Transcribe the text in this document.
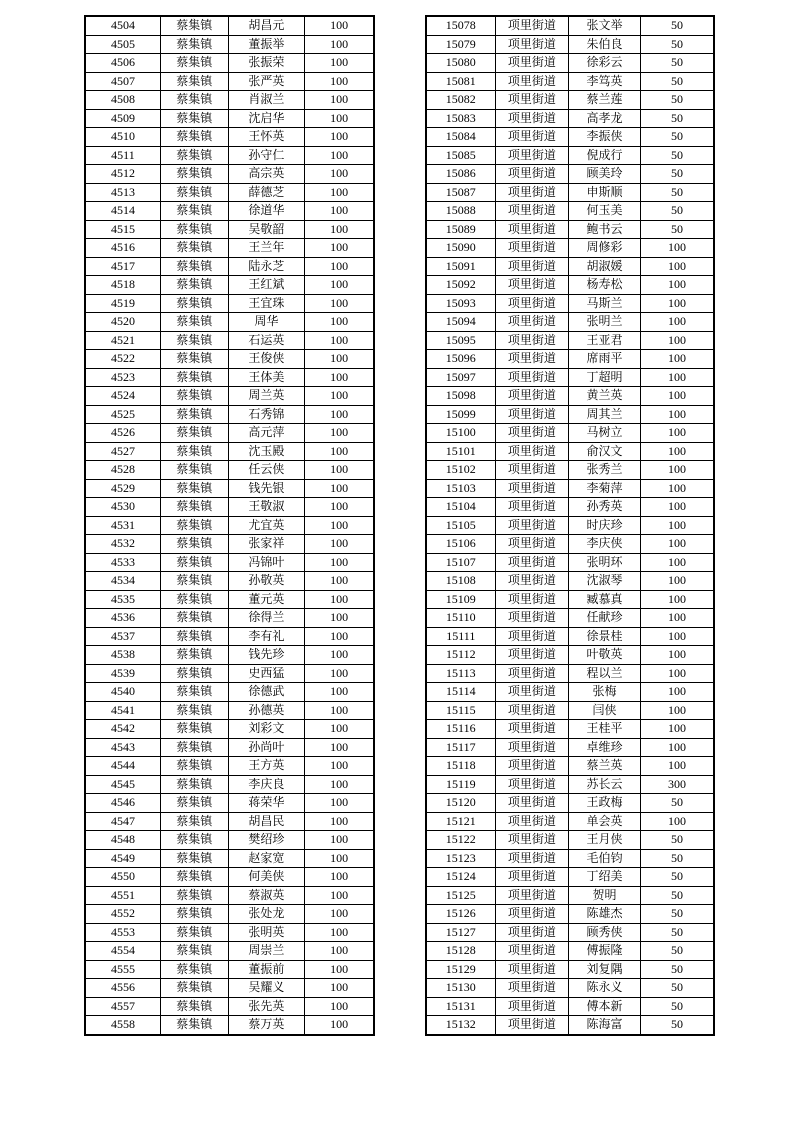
4504	蔡集镇	胡昌元	100
4505	蔡集镇	董振举	100
4506	蔡集镇	张振荣	100
4507	蔡集镇	张严英	100
4508	蔡集镇	肖淑兰	100
4509	蔡集镇	沈启华	100
4510	蔡集镇	王怀英	100
4511	蔡集镇	孙守仁	100
4512	蔡集镇	高宗英	100
4513	蔡集镇	薛德芝	100
4514	蔡集镇	徐道华	100
4515	蔡集镇	吴敬韶	100
4516	蔡集镇	王兰年	100
4517	蔡集镇	陆永芝	100
4518	蔡集镇	王红斌	100
4519	蔡集镇	王宜珠	100
4520	蔡集镇	周华	100
4521	蔡集镇	石运英	100
4522	蔡集镇	王俊侠	100
4523	蔡集镇	王体美	100
4524	蔡集镇	周兰英	100
4525	蔡集镇	石秀锦	100
4526	蔡集镇	高元萍	100
4527	蔡集镇	沈玉殿	100
4528	蔡集镇	任云侠	100
4529	蔡集镇	钱先银	100
4530	蔡集镇	王敬淑	100
4531	蔡集镇	尤宜英	100
4532	蔡集镇	张家祥	100
4533	蔡集镇	冯锦叶	100
4534	蔡集镇	孙敬英	100
4535	蔡集镇	董元英	100
4536	蔡集镇	徐得兰	100
4537	蔡集镇	李有礼	100
4538	蔡集镇	钱先珍	100
4539	蔡集镇	史西猛	100
4540	蔡集镇	徐德武	100
4541	蔡集镇	孙德英	100
4542	蔡集镇	刘彩文	100
4543	蔡集镇	孙尚叶	100
4544	蔡集镇	王方英	100
4545	蔡集镇	李庆良	100
4546	蔡集镇	蒋荣华	100
4547	蔡集镇	胡昌民	100
4548	蔡集镇	樊绍珍	100
4549	蔡集镇	赵家宽	100
4550	蔡集镇	何美侠	100
4551	蔡集镇	蔡淑英	100
4552	蔡集镇	张处龙	100
4553	蔡集镇	张明英	100
4554	蔡集镇	周崇兰	100
4555	蔡集镇	董振前	100
4556	蔡集镇	吴耀义	100
4557	蔡集镇	张先英	100
4558	蔡集镇	蔡万英	100
15078	项里街道	张文举	50
15079	项里街道	朱伯良	50
15080	项里街道	徐彩云	50
15081	项里街道	李笃英	50
15082	项里街道	蔡兰莲	50
15083	项里街道	高孝龙	50
15084	项里街道	李振侠	50
15085	项里街道	倪成行	50
15086	项里街道	顾美玲	50
15087	项里街道	申斯顺	50
15088	项里街道	何玉美	50
15089	项里街道	鲍书云	50
15090	项里街道	周修彩	100
15091	项里街道	胡淑媛	100
15092	项里街道	杨寿松	100
15093	项里街道	马斯兰	100
15094	项里街道	张明兰	100
15095	项里街道	王亚君	100
15096	项里街道	席雨平	100
15097	项里街道	丁超明	100
15098	项里街道	黄兰英	100
15099	项里街道	周其兰	100
15100	项里街道	马树立	100
15101	项里街道	俞汉文	100
15102	项里街道	张秀兰	100
15103	项里街道	李菊萍	100
15104	项里街道	孙秀英	100
15105	项里街道	时庆珍	100
15106	项里街道	李庆侠	100
15107	项里街道	张明环	100
15108	项里街道	沈淑琴	100
15109	项里街道	臧慕真	100
15110	项里街道	任献珍	100
15111	项里街道	徐景桂	100
15112	项里街道	叶敬英	100
15113	项里街道	程以兰	100
15114	项里街道	张梅	100
15115	项里街道	闫侠	100
15116	项里街道	王桂平	100
15117	项里街道	卓维珍	100
15118	项里街道	蔡兰英	100
15119	项里街道	苏长云	300
15120	项里街道	王政梅	50
15121	项里街道	单会英	100
15122	项里街道	王月侠	50
15123	项里街道	毛伯钧	50
15124	项里街道	丁绍美	50
15125	项里街道	贺明	50
15126	项里街道	陈雄杰	50
15127	项里街道	顾秀侠	50
15128	项里街道	傅振隆	50
15129	项里街道	刘复隅	50
15130	项里街道	陈永义	50
15131	项里街道	傅本新	50
15132	项里街道	陈海富	50
